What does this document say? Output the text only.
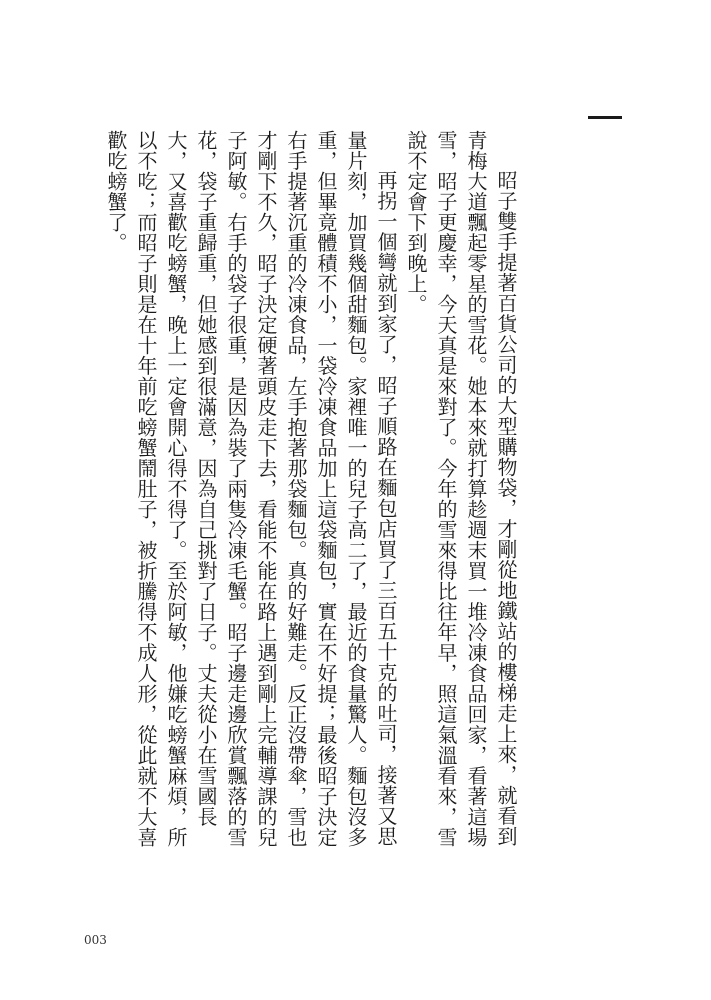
昭子雙手提著百貨公司的大型購物袋，才剛從地鐵站的樓梯走上來，就看到青梅大道飄起零星的雪花。她本來就打算趁週末買一堆冷凍食品回家，看著這場雪，昭子更慶幸，今天真是來對了。今年的雪來得比往年早，照這氣溫看來，雪說不定會下到晚上。

再拐一個彎就到家了，昭子順路在麵包店買了三百五十克的吐司，接著又思量片刻，加買幾個甜麵包。家裡唯一的兒子高二了，最近的食量驚人。麵包沒多重，但畢竟體積不小，一袋冷凍食品加上這袋麵包，實在不好提；最後昭子決定右手提著沉重的冷凍食品，左手抱著那袋麵包。真的好難走。反正沒帶傘，雪也才剛下不久，昭子決定硬著頭皮走下去，看能不能在路上遇到剛上完輔導課的兒子阿敏。右手的袋子很重，是因為裝了兩隻冷凍毛蟹。昭子邊走邊欣賞飄落的雪花，袋子重歸重，但她感到很滿意，因為自己挑對了日子。丈夫從小在雪國長大，又喜歡吃螃蟹，晚上一定會開心得不得了。至於阿敏，他嫌吃螃蟹麻煩，所以不吃；而昭子則是在十年前吃螃蟹鬧肚子，被折騰得不成人形，從此就不大喜歡吃螃蟹了。

003
